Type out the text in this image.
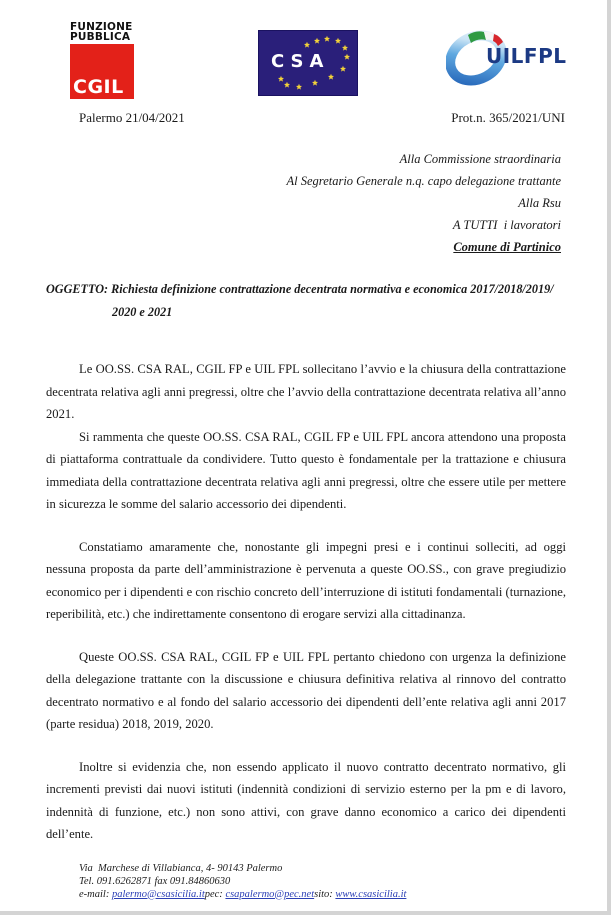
FUNZIONE
PUBBLICA
CGIL
CSA	UILFPL
Palermo 21/04/2021	Prot.n. 365/2021/UNI
Alla Commissione straordinaria
Al Segretario Generale n.q. capo delegazione trattante
Alla Rsu
A TUTTI  i lavoratori
Comune di Partinico
OGGETTO: Richiesta definizione contrattazione decentrata normativa e economica 2017/2018/2019/
2020 e 2021

Le OO.SS. CSA RAL, CGIL FP e UIL FPL sollecitano l’avvio e la chiusura della contrattazione decentrata relativa agli anni pregressi, oltre che l’avvio della contrattazione decentrata relativa all’anno 2021.

Si rammenta che queste OO.SS. CSA RAL, CGIL FP e UIL FPL ancora attendono una proposta di piattaforma contrattuale da condividere. Tutto questo è fondamentale per la trattazione e chiusura immediata della contrattazione decentrata relativa agli anni pregressi, oltre che essere utile per mettere in sicurezza le somme del salario accessorio dei dipendenti.

Constatiamo amaramente che, nonostante gli impegni presi e i continui solleciti, ad oggi nessuna proposta da parte dell’amministrazione è pervenuta a queste OO.SS., con grave pregiudizio economico per i dipendenti e con rischio concreto dell’interruzione di istituti fondamentali (turnazione, reperibilità, etc.) che indirettamente consentono di erogare servizi alla cittadinanza.

Queste OO.SS. CSA RAL, CGIL FP e UIL FPL pertanto chiedono con urgenza la definizione della delegazione trattante con la discussione e chiusura definitiva relativa al rinnovo del contratto decentrato normativo e al fondo del salario accessorio dei dipendenti dell’ente relativa agli anni 2017 (parte residua) 2018, 2019, 2020.

Inoltre si evidenzia che, non essendo applicato il nuovo contratto decentrato normativo, gli incrementi previsti dai nuovi istituti (indennità condizioni di servizio esterno per la pm e di lavoro, indennità di funzione, etc.) non sono attivi, con grave danno economico a carico dei dipendenti dell’ente.

Via  Marchese di Villabianca, 4- 90143 Palermo
Tel. 091.6262871 fax 091.84860630
e-mail: palermo@csasicilia.itpec: csapalermo@pec.netsito: www.csasicilia.it
